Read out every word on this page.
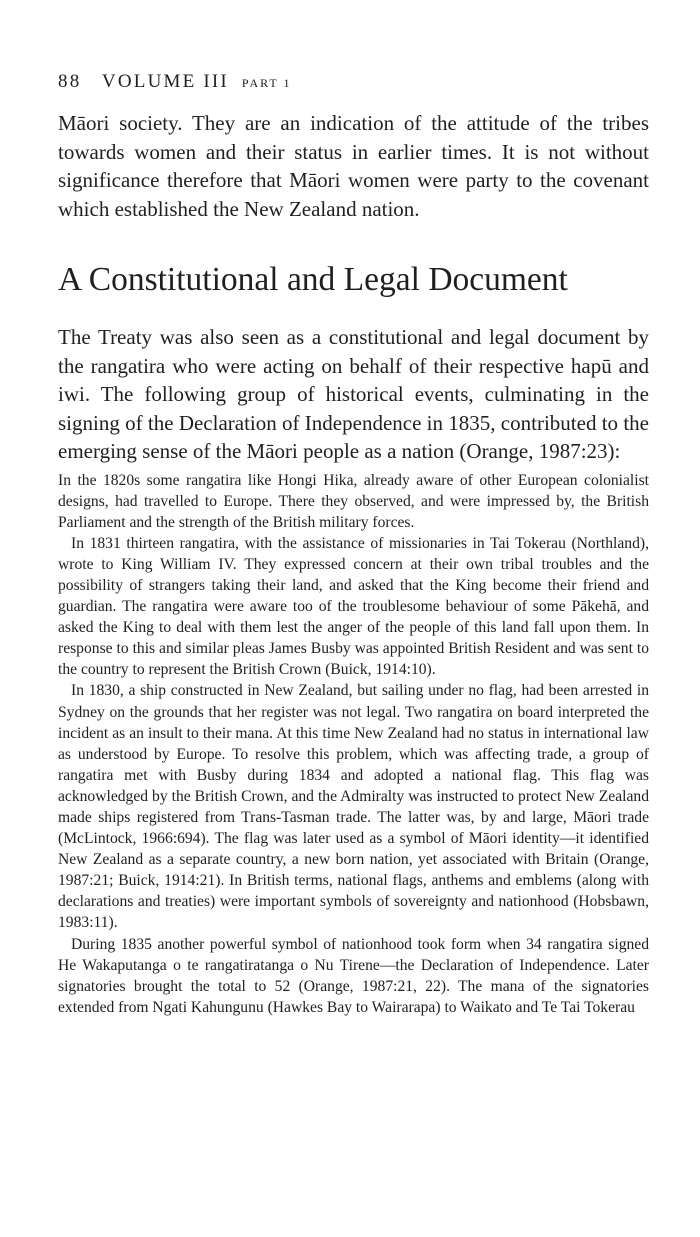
88 VOLUME III PART 1

Māori society. They are an indication of the attitude of the tribes towards women and their status in earlier times. It is not without significance therefore that Māori women were party to the covenant which established the New Zealand nation.

A Constitutional and Legal Document

The Treaty was also seen as a constitutional and legal document by the rangatira who were acting on behalf of their respective hapū and iwi. The following group of historical events, culminating in the signing of the Declaration of Independence in 1835, contributed to the emerging sense of the Māori people as a nation (Orange, 1987:23):

In the 1820s some rangatira like Hongi Hika, already aware of other European colonialist designs, had travelled to Europe. There they observed, and were impressed by, the British Parliament and the strength of the British military forces.

In 1831 thirteen rangatira, with the assistance of missionaries in Tai Tokerau (Northland), wrote to King William IV. They expressed concern at their own tribal troubles and the possibility of strangers taking their land, and asked that the King become their friend and guardian. The rangatira were aware too of the troublesome behaviour of some Pākehā, and asked the King to deal with them lest the anger of the people of this land fall upon them. In response to this and similar pleas James Busby was appointed British Resident and was sent to the country to represent the British Crown (Buick, 1914:10).

In 1830, a ship constructed in New Zealand, but sailing under no flag, had been arrested in Sydney on the grounds that her register was not legal. Two rangatira on board interpreted the incident as an insult to their mana. At this time New Zealand had no status in international law as understood by Europe. To resolve this problem, which was affecting trade, a group of rangatira met with Busby during 1834 and adopted a national flag. This flag was acknowledged by the British Crown, and the Admiralty was instructed to protect New Zealand made ships registered from Trans-Tasman trade. The latter was, by and large, Māori trade (McLintock, 1966:694). The flag was later used as a symbol of Māori identity—it identified New Zealand as a separate country, a new born nation, yet associated with Britain (Orange, 1987:21; Buick, 1914:21). In British terms, national flags, anthems and emblems (along with declarations and treaties) were important symbols of sovereignty and nationhood (Hobsbawn, 1983:11).

During 1835 another powerful symbol of nationhood took form when 34 rangatira signed He Wakaputanga o te rangatiratanga o Nu Tirene—the Declaration of Independence. Later signatories brought the total to 52 (Orange, 1987:21, 22). The mana of the signatories extended from Ngati Kahungunu (Hawkes Bay to Wairarapa) to Waikato and Te Tai Tokerau
